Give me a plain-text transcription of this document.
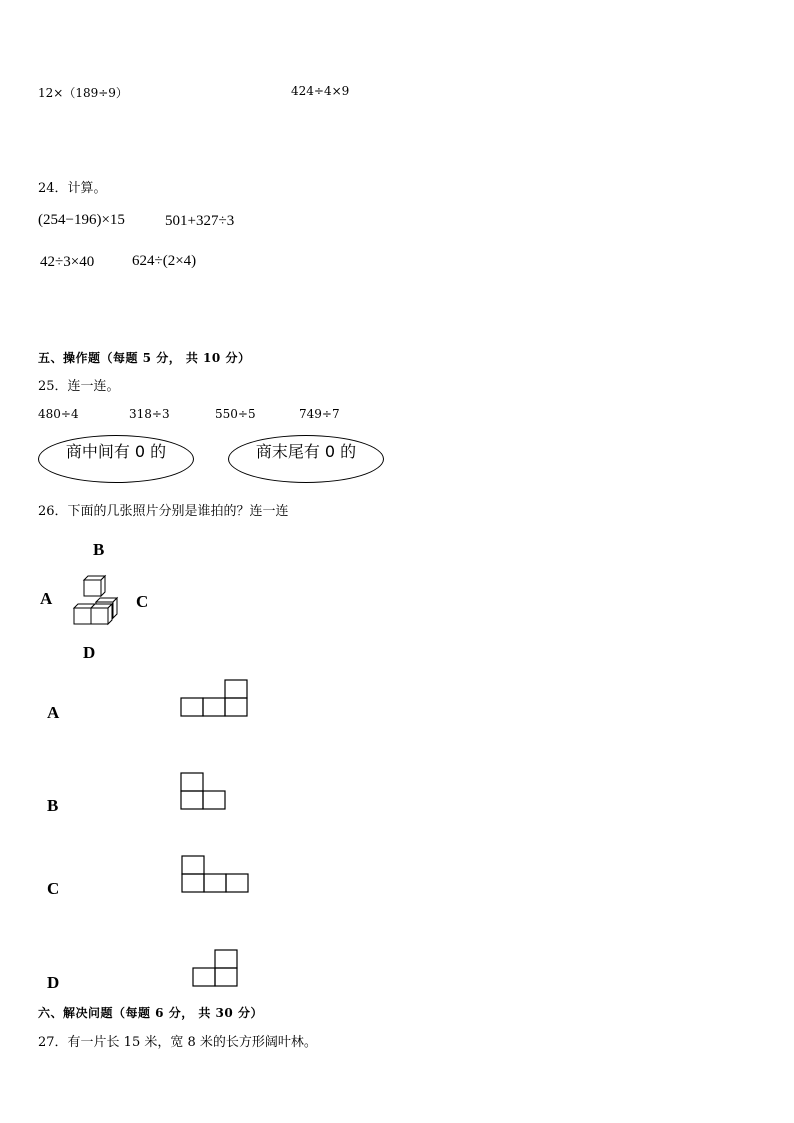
12×（189÷9）	424÷4×9
24．计算。
(254−196)×15	501+327÷3
42÷3×40	624÷(2×4)
五、操作题（每题 5 分， 共 10 分）
25．连一连。
480÷4	318÷3	550÷5	749÷7
商中间有 0 的	商末尾有 0 的
26．下面的几张照片分别是谁拍的？连一连
B
A	C
D
A
B
C
D
六、解决问题（每题 6 分， 共 30 分）
27．有一片长 15 米，宽 8 米的长方形阔叶林。
